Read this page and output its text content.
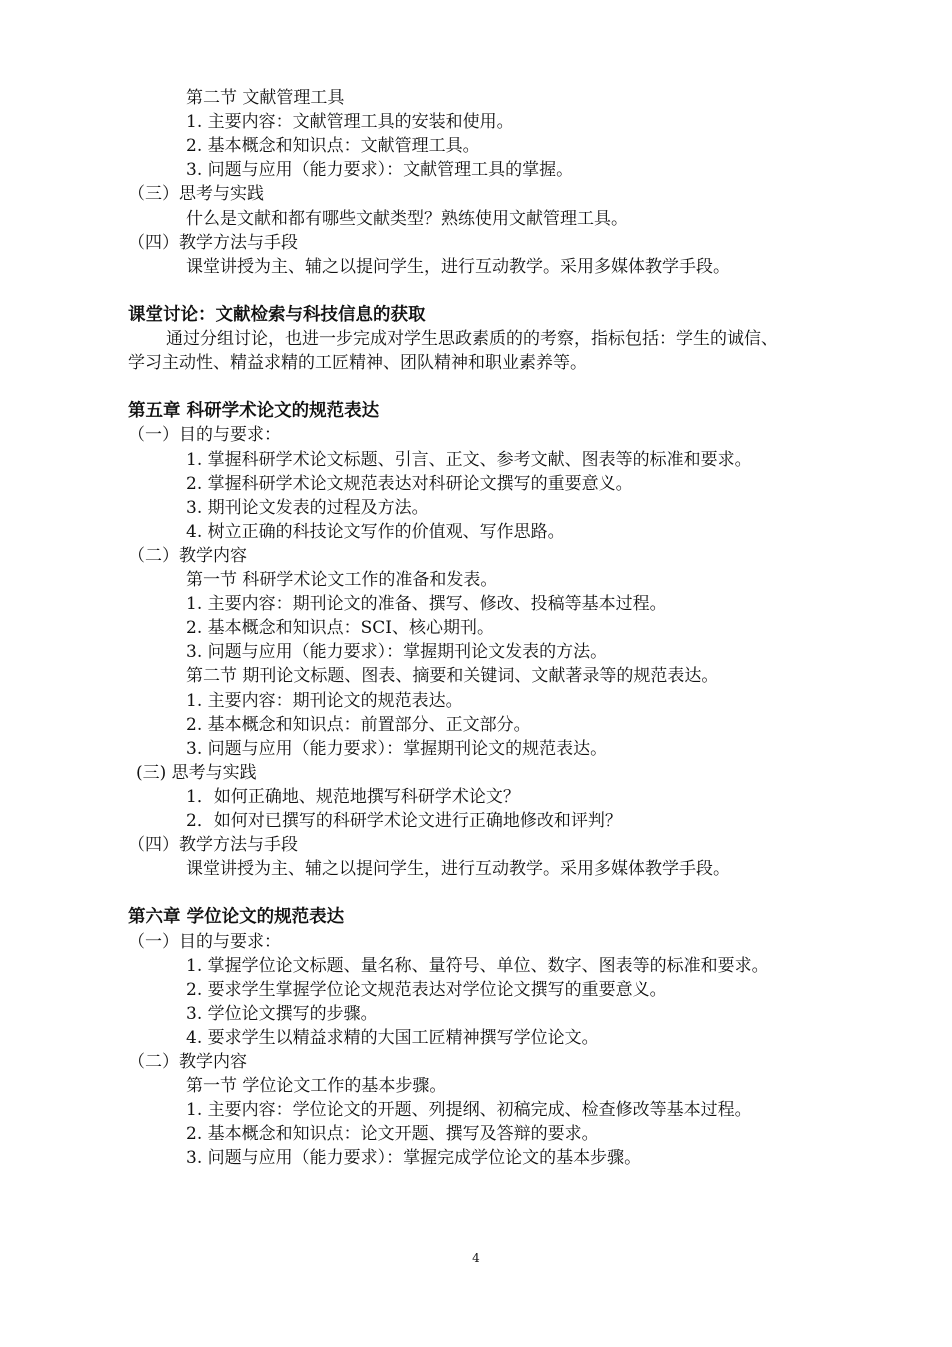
第二节 文献管理工具
1. 主要内容：文献管理工具的安装和使用。
2. 基本概念和知识点：文献管理工具。
3. 问题与应用（能力要求）：文献管理工具的掌握。
（三）思考与实践
什么是文献和都有哪些文献类型？熟练使用文献管理工具。
（四）教学方法与手段
课堂讲授为主、辅之以提问学生，进行互动教学。采用多媒体教学手段。
课堂讨论：文献检索与科技信息的获取
通过分组讨论，也进一步完成对学生思政素质的的考察，指标包括：学生的诚信、
学习主动性、精益求精的工匠精神、团队精神和职业素养等。
第五章 科研学术论文的规范表达
（一）目的与要求：
1. 掌握科研学术论文标题、引言、正文、参考文献、图表等的标准和要求。
2. 掌握科研学术论文规范表达对科研论文撰写的重要意义。
3. 期刊论文发表的过程及方法。
4. 树立正确的科技论文写作的价值观、写作思路。
（二）教学内容
第一节 科研学术论文工作的准备和发表。
1. 主要内容：期刊论文的准备、撰写、修改、投稿等基本过程。
2. 基本概念和知识点：SCI、核心期刊。
3. 问题与应用（能力要求）：掌握期刊论文发表的方法。
第二节 期刊论文标题、图表、摘要和关键词、文献著录等的规范表达。
1. 主要内容：期刊论文的规范表达。
2. 基本概念和知识点：前置部分、正文部分。
3. 问题与应用（能力要求）：掌握期刊论文的规范表达。
(三) 思考与实践
1．如何正确地、规范地撰写科研学术论文？
2．如何对已撰写的科研学术论文进行正确地修改和评判？
（四）教学方法与手段
课堂讲授为主、辅之以提问学生，进行互动教学。采用多媒体教学手段。
第六章 学位论文的规范表达
（一）目的与要求：
1. 掌握学位论文标题、量名称、量符号、单位、数字、图表等的标准和要求。
2. 要求学生掌握学位论文规范表达对学位论文撰写的重要意义。
3. 学位论文撰写的步骤。
4. 要求学生以精益求精的大国工匠精神撰写学位论文。
（二）教学内容
第一节 学位论文工作的基本步骤。
1. 主要内容：学位论文的开题、列提纲、初稿完成、检查修改等基本过程。
2. 基本概念和知识点：论文开题、撰写及答辩的要求。
3. 问题与应用（能力要求）：掌握完成学位论文的基本步骤。
4
